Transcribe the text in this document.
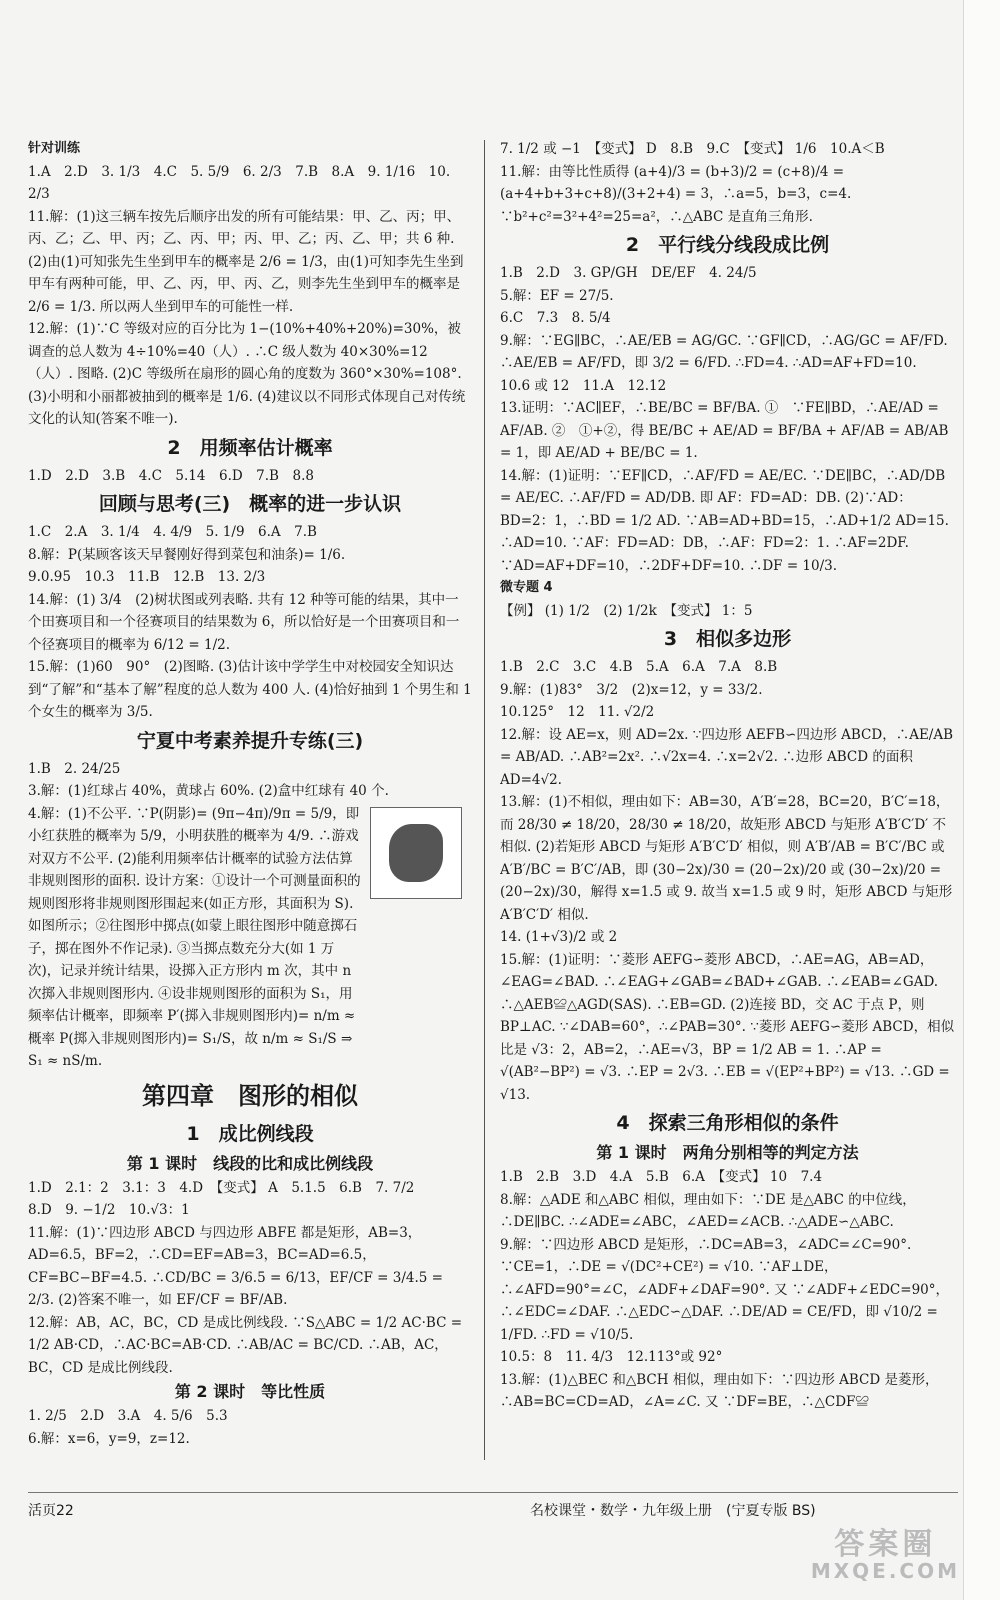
针对训练
1.A　2.D　3. 1/3　4.C　5. 5/9　6. 2/3　7.B　8.A　9. 1/16　10. 2/3
11.解：(1)这三辆车按先后顺序出发的所有可能结果：甲、乙、丙；甲、丙、乙；乙、甲、丙；乙、丙、甲；丙、甲、乙；丙、乙、甲；共 6 种. (2)由(1)可知张先生坐到甲车的概率是 2/6 = 1/3，由(1)可知李先生坐到甲车有两种可能，甲、乙、丙，甲、丙、乙，则李先生坐到甲车的概率是 2/6 = 1/3. 所以两人坐到甲车的可能性一样.
12.解：(1)∵C 等级对应的百分比为 1−(10%+40%+20%)=30%，被调查的总人数为 4÷10%=40（人）. ∴C 级人数为 40×30%=12（人）. 图略. (2)C 等级所在扇形的圆心角的度数为 360°×30%=108°. (3)小明和小丽都被抽到的概率是 1/6. (4)建议以不同形式体现自己对传统文化的认知(答案不唯一).
2　用频率估计概率
1.D　2.D　3.B　4.C　5.14　6.D　7.B　8.8
回顾与思考(三)　概率的进一步认识
1.C　2.A　3. 1/4　4. 4/9　5. 1/9　6.A　7.B
8.解：P(某顾客该天早餐刚好得到菜包和油条)= 1/6.
9.0.95　10.3　11.B　12.B　13. 2/3
14.解：(1) 3/4　(2)树状图或列表略. 共有 12 种等可能的结果，其中一个田赛项目和一个径赛项目的结果数为 6，所以恰好是一个田赛项目和一个径赛项目的概率为 6/12 = 1/2.
15.解：(1)60　90°　(2)图略. (3)估计该中学学生中对校园安全知识达到“了解”和“基本了解”程度的总人数为 400 人. (4)恰好抽到 1 个男生和 1 个女生的概率为 3/5.
宁夏中考素养提升专练(三)
1.B　2. 24/25
3.解：(1)红球占 40%，黄球占 60%. (2)盒中红球有 40 个.
4.解：(1)不公平. ∵P(阴影)= (9π−4π)/9π = 5/9，即小红获胜的概率为 5/9，小明获胜的概率为 4/9. ∴游戏对双方不公平. (2)能利用频率估计概率的试验方法估算非规则图形的面积. 设计方案：①设计一个可测量面积的规则图形将非规则图形围起来(如正方形，其面积为 S). 如图所示；②往图形中掷点(如蒙上眼往图形中随意掷石子，掷在图外不作记录). ③当掷点数充分大(如 1 万次)，记录并统计结果，设掷入正方形内 m 次，其中 n 次掷入非规则图形内. ④设非规则图形的面积为 S₁，用频率估计概率，即频率 P′(掷入非规则图形内)= n/m ≈ 概率 P(掷入非规则图形内)= S₁/S，故 n/m ≈ S₁/S ⇒ S₁ ≈ nS/m.
第四章　图形的相似
1　成比例线段
第 1 课时　线段的比和成比例线段
1.D　2.1：2　3.1：3　4.D　【变式】 A　5.1.5　6.B　7. 7/2
8.D　9. −1/2　10.√3：1
11.解：(1)∵四边形 ABCD 与四边形 ABFE 都是矩形，AB=3，AD=6.5，BF=2，∴CD=EF=AB=3，BC=AD=6.5，CF=BC−BF=4.5. ∴CD/BC = 3/6.5 = 6/13，EF/CF = 3/4.5 = 2/3. (2)答案不唯一，如 EF/CF = BF/AB.
12.解：AB，AC，BC，CD 是成比例线段. ∵S△ABC = 1/2 AC·BC = 1/2 AB·CD，∴AC·BC=AB·CD. ∴AB/AC = BC/CD. ∴AB，AC，BC，CD 是成比例线段.
第 2 课时　等比性质
1. 2/5　2.D　3.A　4. 5/6　5.3
6.解：x=6，y=9，z=12.
7. 1/2 或 −1　【变式】 D　8.B　9.C　【变式】 1/6　10.A＜B
11.解：由等比性质得 (a+4)/3 = (b+3)/2 = (c+8)/4 = (a+4+b+3+c+8)/(3+2+4) = 3，∴a=5，b=3，c=4. ∵b²+c²=3²+4²=25=a²，∴△ABC 是直角三角形.
2　平行线分线段成比例
1.B　2.D　3. GP/GH　DE/EF　4. 24/5
5.解：EF = 27/5.
6.C　7.3　8. 5/4
9.解：∵EG∥BC，∴AE/EB = AG/GC. ∵GF∥CD，∴AG/GC = AF/FD. ∴AE/EB = AF/FD，即 3/2 = 6/FD. ∴FD=4. ∴AD=AF+FD=10.
10.6 或 12　11.A　12.12
13.证明：∵AC∥EF，∴BE/BC = BF/BA. ①　∵FE∥BD，∴AE/AD = AF/AB. ②　①+②，得 BE/BC + AE/AD = BF/BA + AF/AB = AB/AB = 1，即 AE/AD + BE/BC = 1.
14.解：(1)证明：∵EF∥CD，∴AF/FD = AE/EC. ∵DE∥BC，∴AD/DB = AE/EC. ∴AF/FD = AD/DB. 即 AF：FD=AD：DB. (2)∵AD：BD=2：1，∴BD = 1/2 AD. ∵AB=AD+BD=15，∴AD+1/2 AD=15. ∴AD=10. ∵AF：FD=AD：DB，∴AF：FD=2：1. ∴AF=2DF. ∵AD=AF+DF=10，∴2DF+DF=10. ∴DF = 10/3.
微专题 4
【例】 (1) 1/2　(2) 1/2k　【变式】 1：5
3　相似多边形
1.B　2.C　3.C　4.B　5.A　6.A　7.A　8.B
9.解：(1)83°　3/2　(2)x=12，y = 33/2.
10.125°　12　11. √2/2
12.解：设 AE=x，则 AD=2x. ∵四边形 AEFB∽四边形 ABCD，∴AE/AB = AB/AD. ∴AB²=2x². ∴√2x=4. ∴x=2√2. ∴边形 ABCD 的面积 AD=4√2.
13.解：(1)不相似，理由如下：AB=30，A′B′=28，BC=20，B′C′=18，而 28/30 ≠ 18/20，28/30 ≠ 18/20，故矩形 ABCD 与矩形 A′B′C′D′ 不相似. (2)若矩形 ABCD 与矩形 A′B′C′D′ 相似，则 A′B′/AB = B′C′/BC 或 A′B′/BC = B′C′/AB，即 (30−2x)/30 = (20−2x)/20 或 (30−2x)/20 = (20−2x)/30，解得 x=1.5 或 9. 故当 x=1.5 或 9 时，矩形 ABCD 与矩形 A′B′C′D′ 相似.
14. (1+√3)/2 或 2
15.解：(1)证明：∵菱形 AEFG∽菱形 ABCD，∴AE=AG，AB=AD，∠EAG=∠BAD. ∴∠EAG+∠GAB=∠BAD+∠GAB. ∴∠EAB=∠GAD. ∴△AEB≌△AGD(SAS). ∴EB=GD. (2)连接 BD，交 AC 于点 P，则 BP⊥AC. ∵∠DAB=60°，∴∠PAB=30°. ∵菱形 AEFG∽菱形 ABCD，相似比是 √3：2，AB=2，∴AE=√3，BP = 1/2 AB = 1. ∴AP = √(AB²−BP²) = √3. ∴EP = 2√3. ∴EB = √(EP²+BP²) = √13. ∴GD = √13.
4　探索三角形相似的条件
第 1 课时　两角分别相等的判定方法
1.B　2.B　3.D　4.A　5.B　6.A　【变式】 10　7.4
8.解：△ADE 和△ABC 相似，理由如下：∵DE 是△ABC 的中位线，∴DE∥BC. ∴∠ADE=∠ABC，∠AED=∠ACB. ∴△ADE∽△ABC.
9.解：∵四边形 ABCD 是矩形，∴DC=AB=3，∠ADC=∠C=90°. ∵CE=1，∴DE = √(DC²+CE²) = √10. ∵AF⊥DE，∴∠AFD=90°=∠C，∠ADF+∠DAF=90°. 又 ∵∠ADF+∠EDC=90°，∴∠EDC=∠DAF. ∴△EDC∽△DAF. ∴DE/AD = CE/FD，即 √10/2 = 1/FD. ∴FD = √10/5.
10.5：8　11. 4/3　12.113°或 92°
13.解：(1)△BEC 和△BCH 相似，理由如下：∵四边形 ABCD 是菱形，∴AB=BC=CD=AD，∠A=∠C. 又 ∵DF=BE，∴△CDF≌
活页22	名校课堂・数学・九年级上册　(宁夏专版 BS)
答案圈
MXQE.COM
